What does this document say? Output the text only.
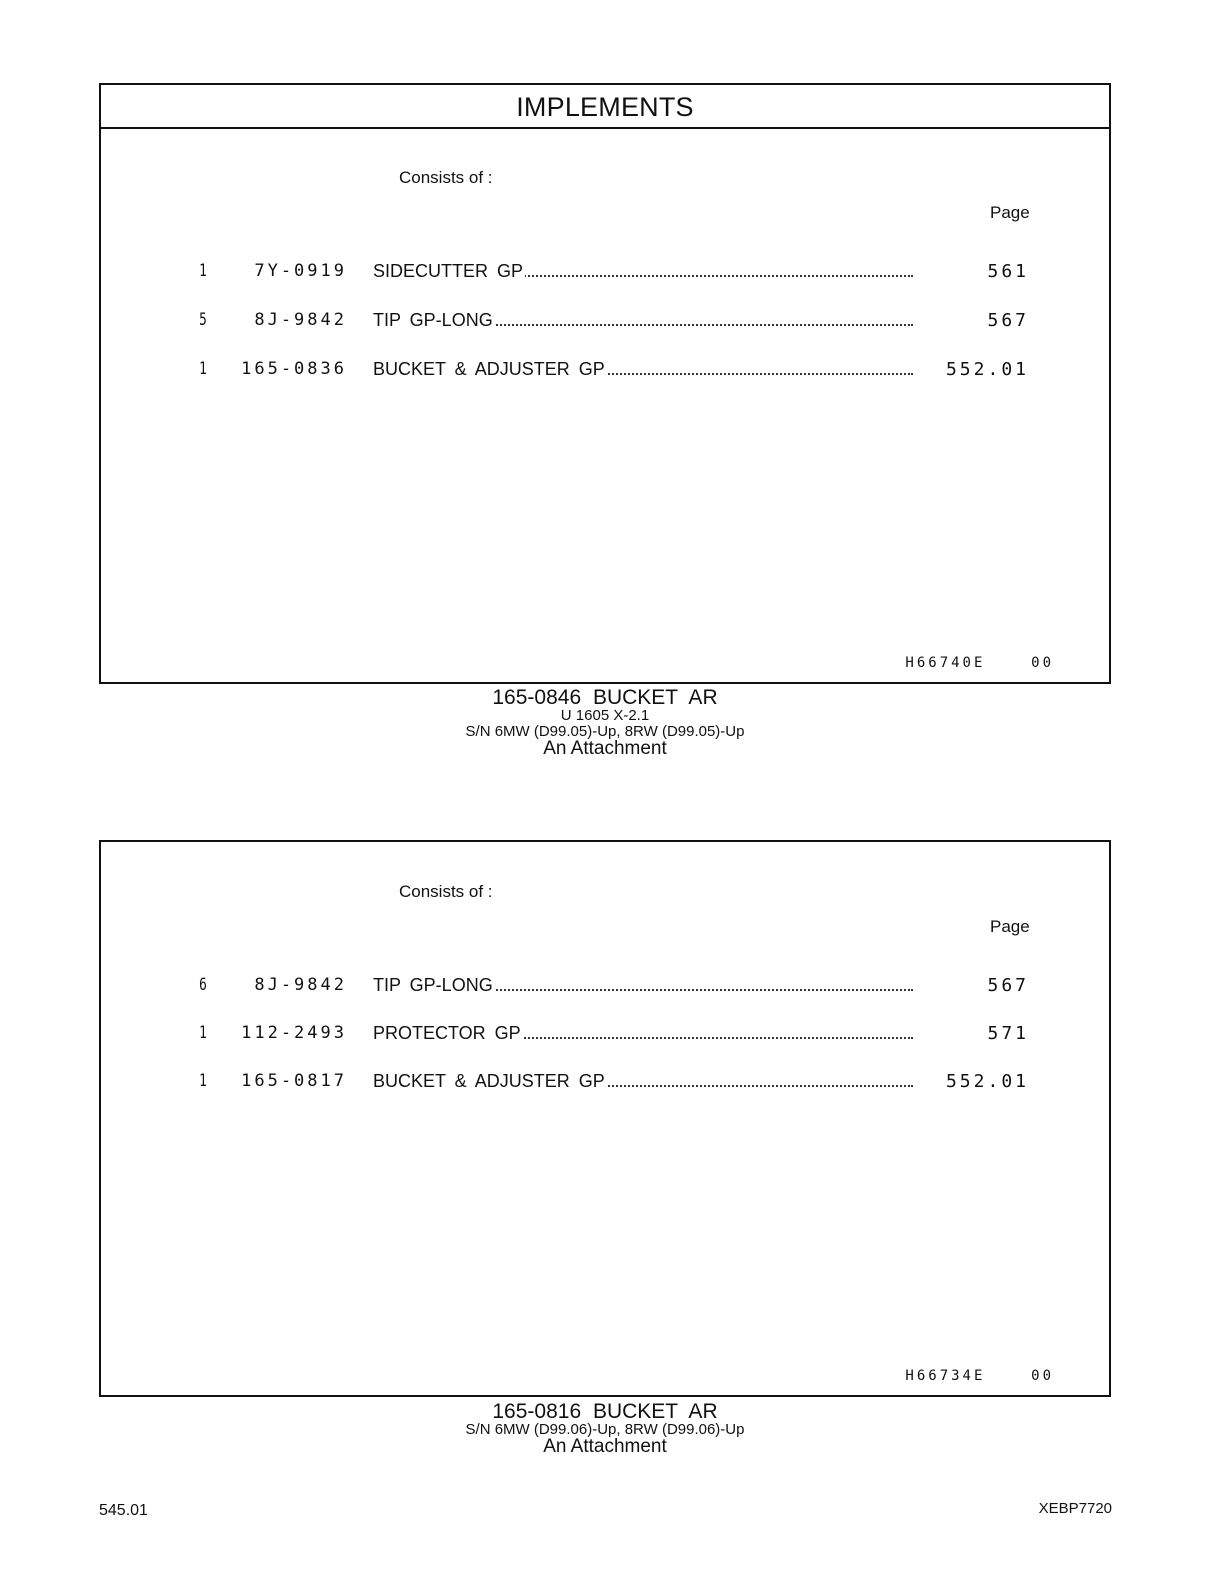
IMPLEMENTS
Consists of :
Page
1	7Y-0919 SIDECUTTER GP	561
5	8J-9842 TIP GP-LONG	567
1 165-0836 BUCKET & ADJUSTER GP	552.01
H66740E	00
165-0846 BUCKET AR
U 1605 X-2.1
S/N 6MW (D99.05)-Up, 8RW (D99.05)-Up
An Attachment
Consists of :
Page
6	8J-9842 TIP GP-LONG	567
1 112-2493 PROTECTOR GP	571
1 165-0817 BUCKET & ADJUSTER GP	552.01
H66734E	00
165-0816 BUCKET AR
S/N 6MW (D99.06)-Up, 8RW (D99.06)-Up
An Attachment
545.01	XEBP7720
